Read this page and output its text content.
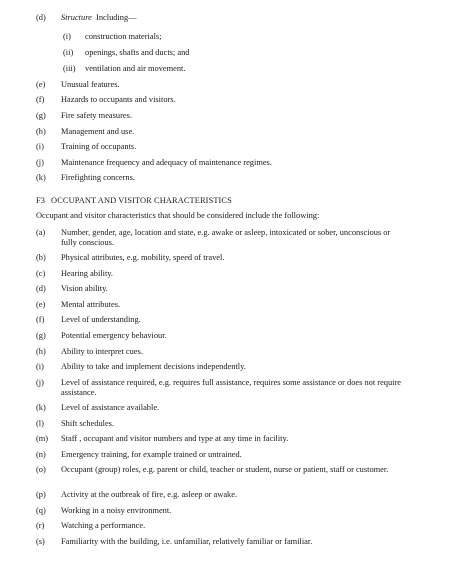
(d) Structure Including—
(i) construction materials;
(ii) openings, shafts and ducts; and
(iii) ventilation and air movement.
(e) Unusual features.
(f) Hazards to occupants and visitors.
(g) Fire safety measures.
(h) Management and use.
(i) Training of occupants.
(j) Maintenance frequency and adequacy of maintenance regimes.
(k) Firefighting concerns.
F3 OCCUPANT AND VISITOR CHARACTERISTICS
Occupant and visitor characteristics that should be considered include the following:
(a) Number, gender, age, location and state, e.g. awake or asleep, intoxicated or sober, unconscious or fully conscious.
(b) Physical attributes, e.g. mobility, speed of travel.
(c) Hearing ability.
(d) Vision ability.
(e) Mental attributes.
(f) Level of understanding.
(g) Potential emergency behaviour.
(h) Ability to interpret cues.
(i) Ability to take and implement decisions independently.
(j) Level of assistance required, e.g. requires full assistance, requires some assistance or does not require assistance.
(k) Level of assistance available.
(l) Shift schedules.
(m) Staff , occupant and visitor numbers and type at any time in facility.
(n) Emergency training, for example trained or untrained.
(o) Occupant (group) roles, e.g. parent or child, teacher or student, nurse or patient, staff or customer.
(p) Activity at the outbreak of fire, e.g. asleep or awake.
(q) Working in a noisy environment.
(r) Watching a performance.
(s) Familiarity with the building, i.e. unfamiliar, relatively familiar or familiar.
